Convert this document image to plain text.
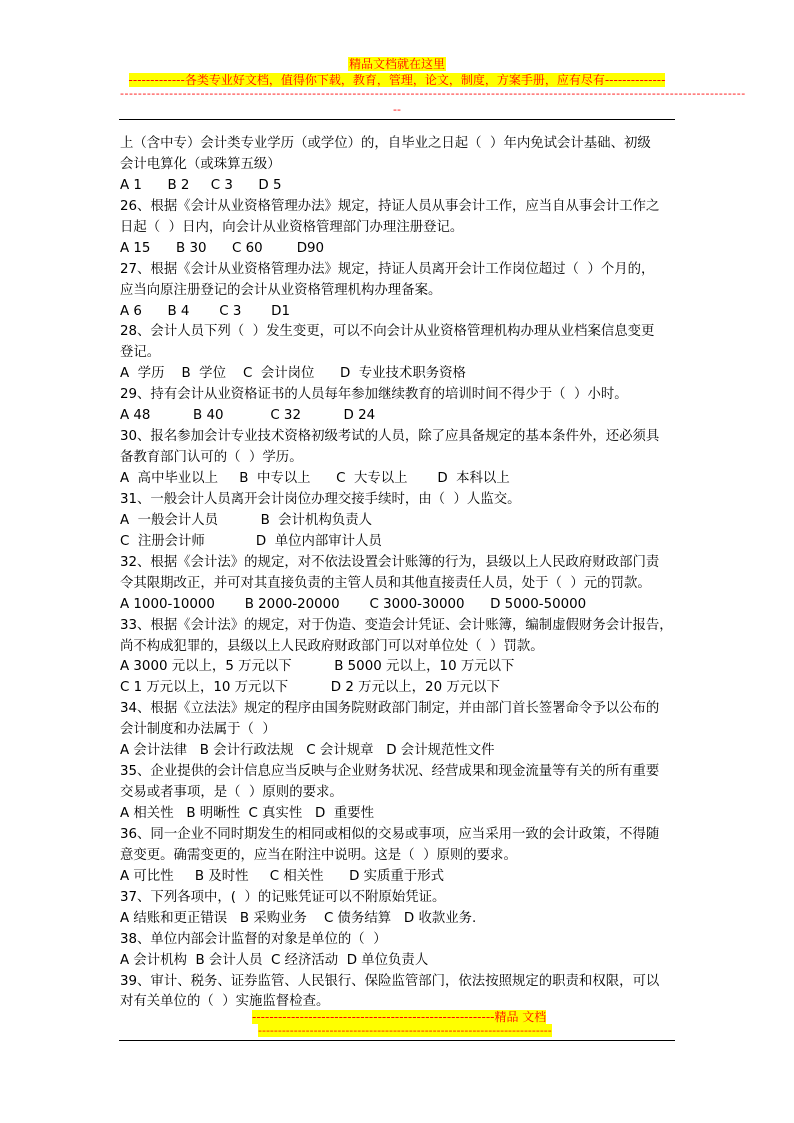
精品文档就在这里
-------------各类专业好文档，值得你下载，教育，管理，论文，制度，方案手册，应有尽有--------------
--------------------------------------------------------------------------------------------------------------------------------------------
--
上（含中专）会计类专业学历（或学位）的，自毕业之日起（  ）年内免试会计基础、初级
会计电算化（或珠算五级）
A 1      B 2     C 3      D 5
26、根据《会计从业资格管理办法》规定，持证人员从事会计工作，应当自从事会计工作之
日起（  ）日内，向会计从业资格管理部门办理注册登记。
A 15      B 30      C 60        D90
27、根据《会计从业资格管理办法》规定，持证人员离开会计工作岗位超过（  ）个月的，
应当向原注册登记的会计从业资格管理机构办理备案。
A 6      B 4       C 3       D1
28、会计人员下列（  ）发生变更，可以不向会计从业资格管理机构办理从业档案信息变更
登记。
A  学历    B  学位    C  会计岗位      D  专业技术职务资格
29、持有会计从业资格证书的人员每年参加继续教育的培训时间不得少于（  ）小时。
A 48          B 40           C 32          D 24
30、报名参加会计专业技术资格初级考试的人员，除了应具备规定的基本条件外，还必须具
备教育部门认可的（  ）学历。
A  高中毕业以上     B  中专以上      C  大专以上       D  本科以上
31、一般会计人员离开会计岗位办理交接手续时，由（  ）人监交。
A  一般会计人员          B  会计机构负责人
C  注册会计师            D  单位内部审计人员
32、根据《会计法》的规定，对不依法设置会计账簿的行为，县级以上人民政府财政部门责
令其限期改正，并可对其直接负责的主管人员和其他直接责任人员，处于（  ）元的罚款。
A 1000-10000       B 2000-20000       C 3000-30000      D 5000-50000
33、根据《会计法》的规定，对于伪造、变造会计凭证、会计账簿，编制虚假财务会计报告，
尚不构成犯罪的，县级以上人民政府财政部门可以对单位处（  ）罚款。
A 3000 元以上，5 万元以下          B 5000 元以上，10 万元以下
C 1 万元以上，10 万元以下          D 2 万元以上，20 万元以下
34、根据《立法法》规定的程序由国务院财政部门制定，并由部门首长签署命令予以公布的
会计制度和办法属于（  ）
A 会计法律   B 会计行政法规   C 会计规章   D 会计规范性文件
35、企业提供的会计信息应当反映与企业财务状况、经营成果和现金流量等有关的所有重要
交易或者事项，是（  ）原则的要求。
A 相关性   B 明晰性  C 真实性   D  重要性
36、同一企业不同时期发生的相同或相似的交易或事项，应当采用一致的会计政策，不得随
意变更。确需变更的，应当在附注中说明。这是（  ）原则的要求。
A 可比性     B 及时性     C 相关性      D 实质重于形式
37、下列各项中，(  ）的记账凭证可以不附原始凭证。
A 结账和更正错误   B 采购业务    C 债务结算   D 收款业务.
38、单位内部会计监督的对象是单位的（  ）
A 会计机构  B 会计人员  C 经济活动  D 单位负责人
39、审计、税务、证券监管、人民银行、保险监管部门，依法按照规定的职责和权限，可以
对有关单位的（  ）实施监督检查。
--------------------------------------------------------精品 文档
--------------------------------------------------------------------------
